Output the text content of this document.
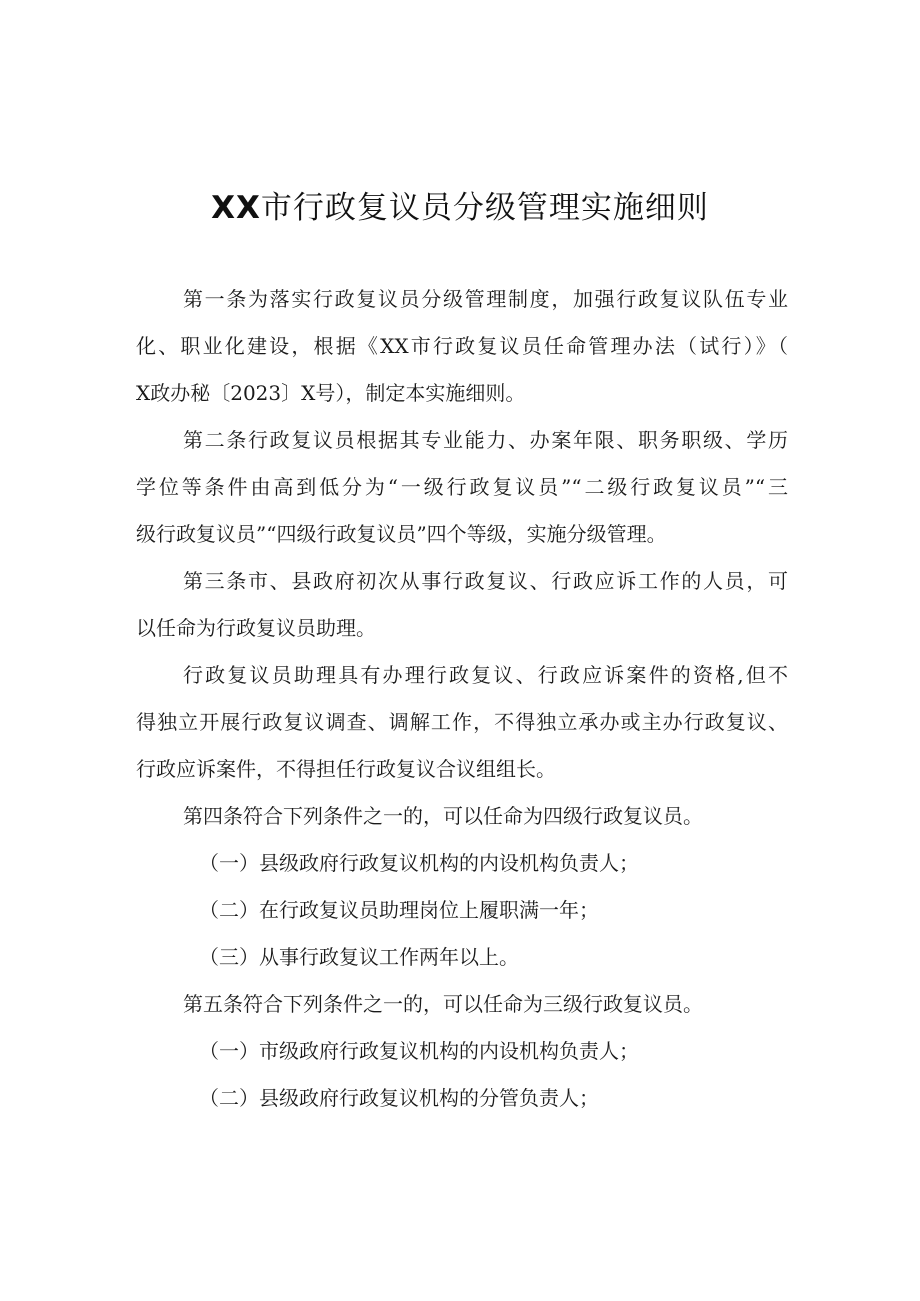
XX市行政复议员分级管理实施细则
第一条为落实行政复议员分级管理制度，加强行政复议队伍专业
化、职业化建设，根据《XX市行政复议员任命管理办法（试行）》（
X政办秘〔2023〕X号），制定本实施细则。
第二条行政复议员根据其专业能力、办案年限、职务职级、学历
学位等条件由高到低分为“一级行政复议员”“二级行政复议员”“三
级行政复议员”“四级行政复议员”四个等级，实施分级管理。
第三条市、县政府初次从事行政复议、行政应诉工作的人员，可
以任命为行政复议员助理。
行政复议员助理具有办理行政复议、行政应诉案件的资格,但不
得独立开展行政复议调查、调解工作，不得独立承办或主办行政复议、
行政应诉案件，不得担任行政复议合议组组长。
第四条符合下列条件之一的，可以任命为四级行政复议员。
（一）县级政府行政复议机构的内设机构负责人；
（二）在行政复议员助理岗位上履职满一年；
（三）从事行政复议工作两年以上。
第五条符合下列条件之一的，可以任命为三级行政复议员。
（一）市级政府行政复议机构的内设机构负责人；
（二）县级政府行政复议机构的分管负责人；
